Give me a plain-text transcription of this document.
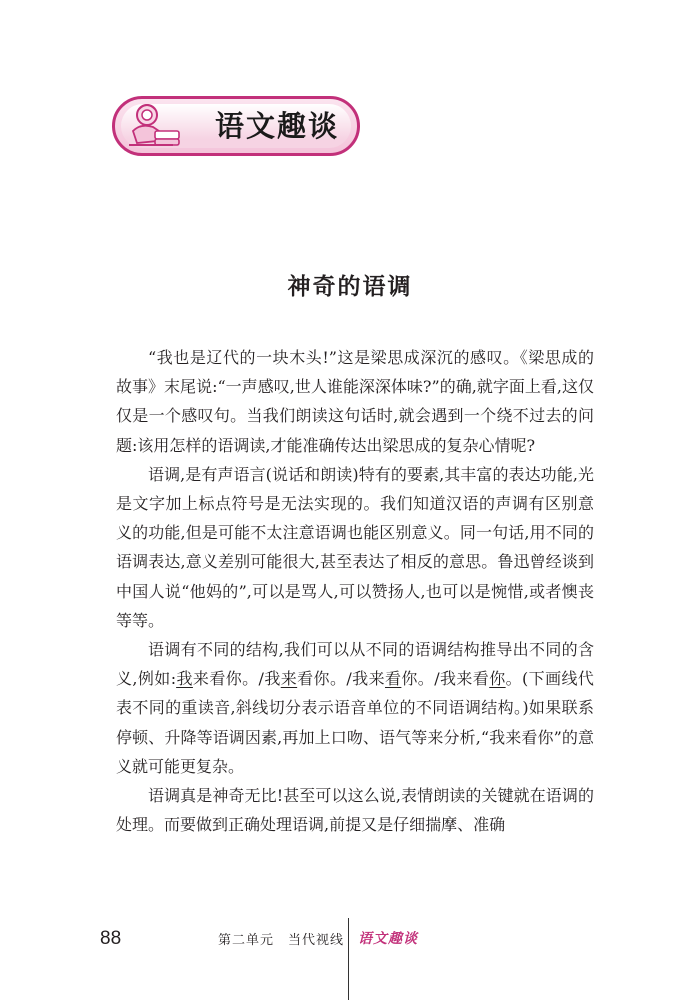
语文趣谈
神奇的语调

“我也是辽代的一块木头!”这是梁思成深沉的感叹。《梁思成的故事》末尾说:“一声感叹,世人谁能深深体味?”的确,就字面上看,这仅仅是一个感叹句。当我们朗读这句话时,就会遇到一个绕不过去的问题:该用怎样的语调读,才能准确传达出梁思成的复杂心情呢?

语调,是有声语言(说话和朗读)特有的要素,其丰富的表达功能,光是文字加上标点符号是无法实现的。我们知道汉语的声调有区别意义的功能,但是可能不太注意语调也能区别意义。同一句话,用不同的语调表达,意义差别可能很大,甚至表达了相反的意思。鲁迅曾经谈到中国人说“他妈的”,可以是骂人,可以赞扬人,也可以是惋惜,或者懊丧等等。

语调有不同的结构,我们可以从不同的语调结构推导出不同的含义,例如:我来看你。/我来看你。/我来看你。/我来看你。(下画线代表不同的重读音,斜线切分表示语音单位的不同语调结构。)如果联系停顿、升降等语调因素,再加上口吻、语气等来分析,“我来看你”的意义就可能更复杂。

语调真是神奇无比!甚至可以这么说,表情朗读的关键就在语调的处理。而要做到正确处理语调,前提又是仔细揣摩、准确

88	第二单元　当代视线 语文趣谈
